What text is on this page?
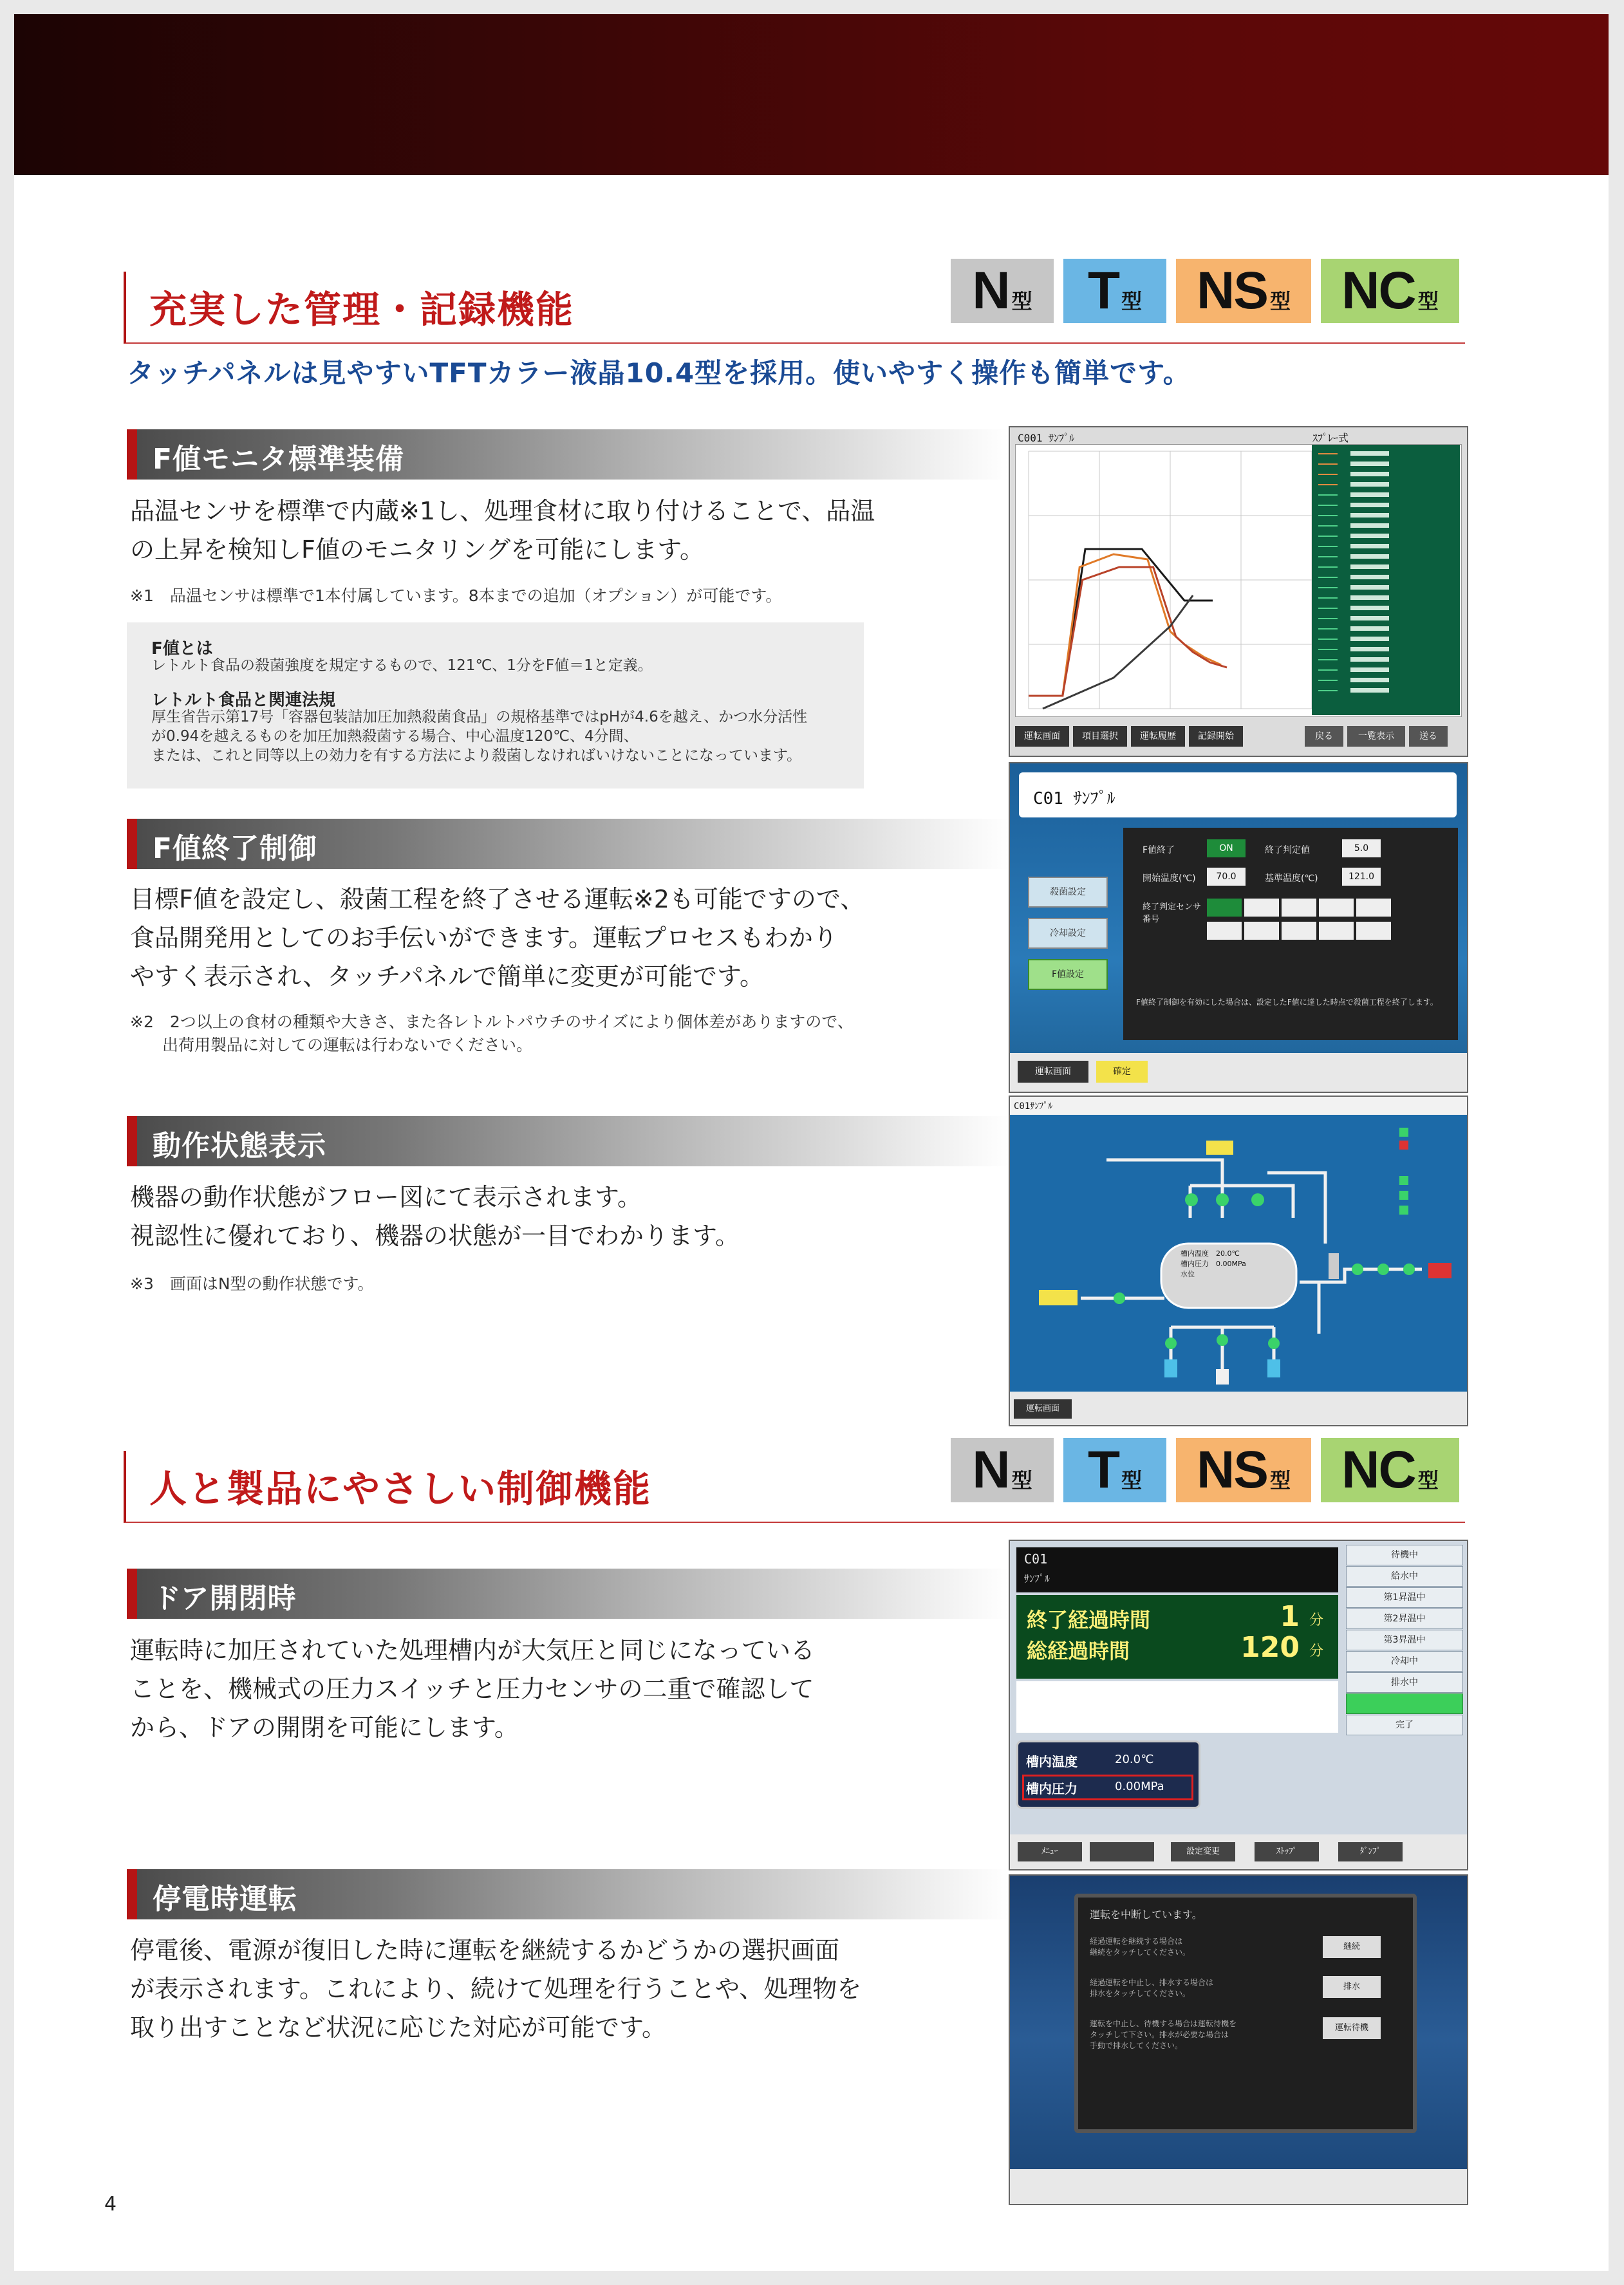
充実した管理・記録機能	N型	T型	NS 型 NC 型
タッチパネルは見やすいTFTカラー液晶10.4型を採用。使いやすく操作も簡単です。
F値モニタ標準装備
品温センサを標準で内蔵※1し、処理食材に取り付けることで、品温
の上昇を検知しF値のモニタリングを可能にします。
※1　品温センサは標準で1本付属しています。8本までの追加（オプション）が可能です。
F値とは
レトルト食品の殺菌強度を規定するもので、121℃、1分をF値＝1と定義。
レトルト食品と関連法規
厚生省告示第17号「容器包装詰加圧加熱殺菌食品」の規格基準ではpHが4.6を越え、かつ水分活性
が0.94を越えるものを加圧加熱殺菌する場合、中心温度120℃、4分間、
または、これと同等以上の効力を有する方法により殺菌しなければいけないことになっています。
F値終了制御
目標F値を設定し、殺菌工程を終了させる運転※2も可能ですので、
食品開発用としてのお手伝いができます。運転プロセスもわかり
やすく表示され、タッチパネルで簡単に変更が可能です。
※2　2つ以上の食材の種類や大きさ、また各レトルトパウチのサイズにより個体差がありますので、
　　出荷用製品に対しての運転は行わないでください。
動作状態表示
機器の動作状態がフロー図にて表示されます。
視認性に優れており、機器の状態が一目でわかります。
※3　画面はN型の動作状態です。
人と製品にやさしい制御機能	N型	T型	NS 型 NC 型
ドア開閉時
運転時に加圧されていた処理槽内が大気圧と同じになっている
ことを、機械式の圧力スイッチと圧力センサの二重で確認して
から、ドアの開閉を可能にします。
停電時運転
停電後、電源が復旧した時に運転を継続するかどうかの選択画面
が表示されます。これにより、続けて処理を行うことや、処理物を
取り出すことなど状況に応じた対応が可能です。
C001 ｻﾝﾌﾟﾙ	ｽﾌﾟﾚｰ式
運転画面	項目選択	運転履歴	記録開始	戻る	一覧表示	送る
C01 ｻﾝﾌﾟﾙ
F値終了	ON	終了判定値	5.0
開始温度(℃)	70.0	基準温度(℃)	121.0
終了判定センサ番号
F値終了制御を有効にした場合は、設定したF値に達した時点で殺菌工程を終了します。
殺菌設定
冷却設定
F値設定
運転画面	確定
C01ｻﾝﾌﾟﾙ
槽内温度　20.0℃
槽内圧力　0.00MPa
水位
運転画面
C01
ｻﾝﾌﾟﾙ
終了経過時間
総経過時間
1
120
分
分
槽内温度	20.0℃
槽内圧力	0.00MPa
待機中
給水中
第1昇温中
第2昇温中
第3昇温中
冷却中
排水中
完了
ﾒﾆｭｰ	設定変更	ｽﾄｯﾌﾟ	ﾀﾞﾝﾌﾟ
運転を中断しています。
経過運転を継続する場合は
継続をタッチしてください。
経過運転を中止し、排水する場合は
排水をタッチしてください。
運転を中止し、待機する場合は運転待機を
タッチして下さい。排水が必要な場合は
手動で排水してください。
継続
排水
運転待機
4
